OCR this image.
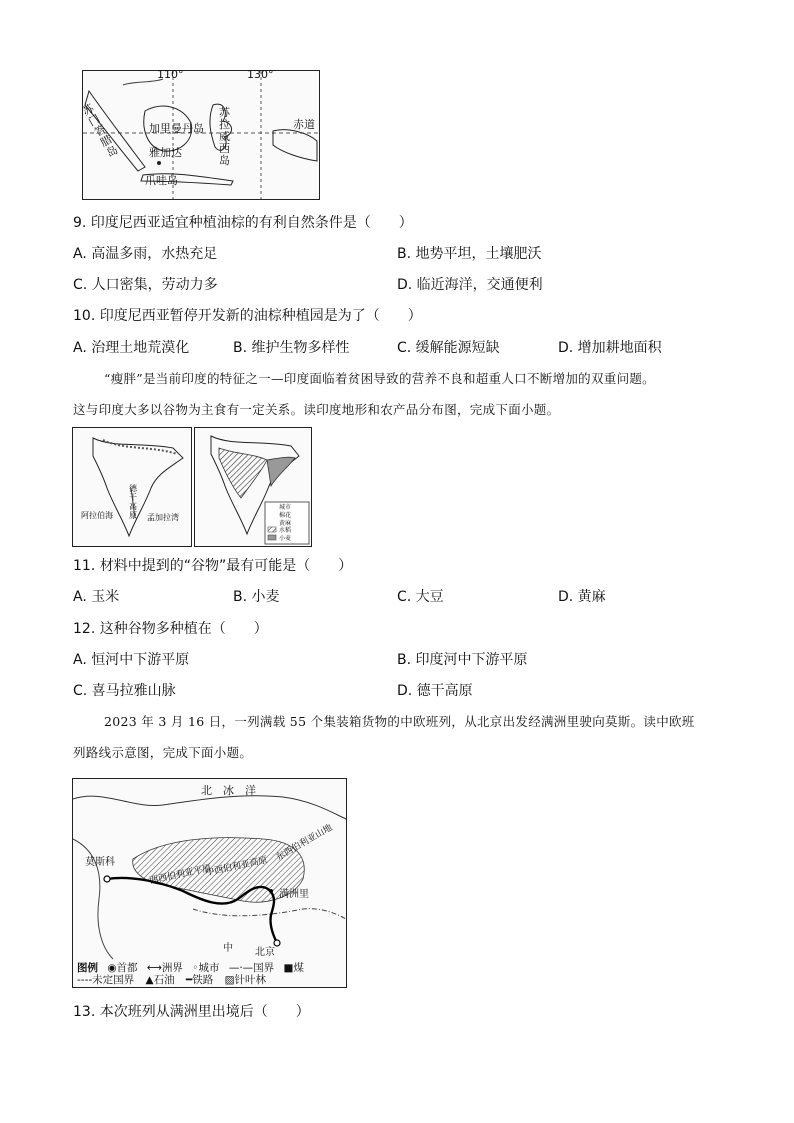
110°	130°
苏门答腊岛
加里曼丹岛
雅加达
爪哇岛
苏拉威西岛
赤道
9. 印度尼西亚适宜种植油棕的有利自然条件是（　　）
A. 高温多雨，水热充足	B. 地势平坦，土壤肥沃
C. 人口密集，劳动力多	D. 临近海洋，交通便利
10. 印度尼西亚暂停开发新的油棕种植园是为了（　　）
A. 治理土地荒漠化	B. 维护生物多样性	C. 缓解能源短缺	D. 增加耕地面积
“瘦胖”是当前印度的特征之一—印度面临着贫困导致的营养不良和超重人口不断增加的双重问题。
这与印度大多以谷物为主食有一定关系。读印度地形和农产品分布图，完成下面小题。
阿拉伯海	孟加拉湾
德干高原
城市
棉花
黄麻
水稻
小麦
11. 材料中提到的“谷物”最有可能是（　　）
A. 玉米	B. 小麦	C. 大豆	D. 黄麻
12. 这种谷物多种植在（　　）
A. 恒河中下游平原	B. 印度河中下游平原
C. 喜马拉雅山脉	D. 德干高原
2023 年 3 月 16 日，一列满载 55 个集装箱货物的中欧班列，从北京出发经满洲里驶向莫斯。读中欧班
列路线示意图，完成下面小题。
北　冰　洋
莫斯科
西西伯利亚平原
中西伯利亚高原
东西伯利亚山地
满洲里
北京
中
图例 ◉首都 ⟷洲界 ◦城市 —·—国界 ■煤
----未定国界 ▲石油 ━铁路 ▨针叶林
13. 本次班列从满洲里出境后（　　）
